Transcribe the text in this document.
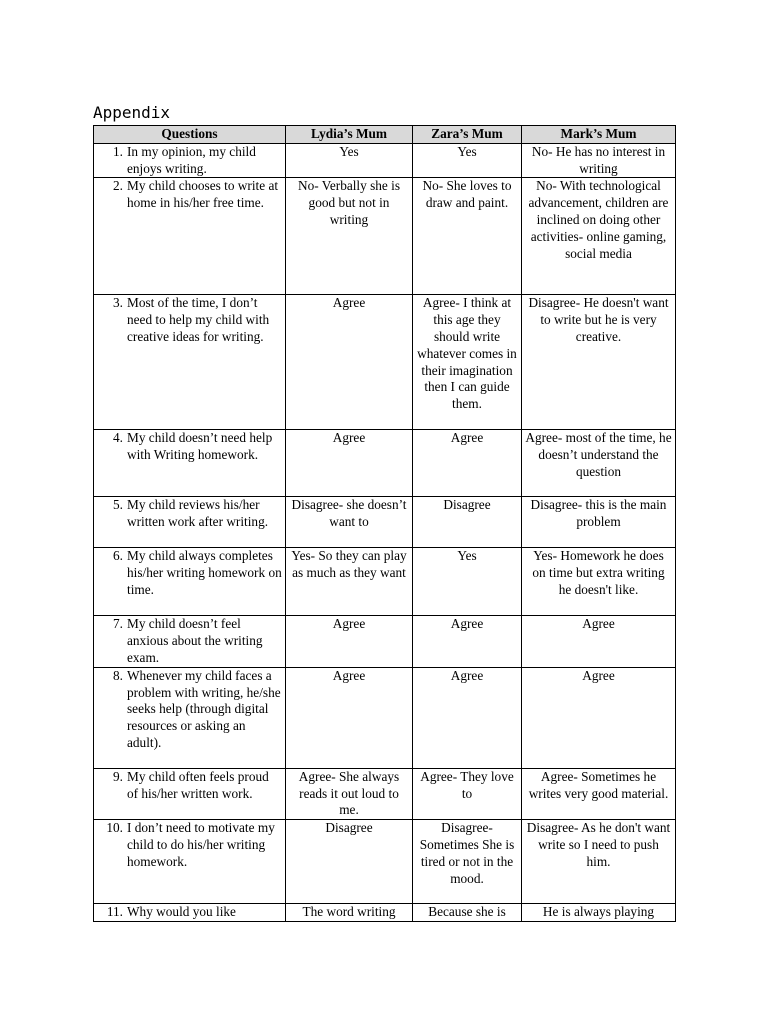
Appendix
Questions	Lydia’s Mum	Zara’s Mum	Mark’s Mum

1. In my opinion, my child enjoys writing.	Yes	Yes	No- He has no interest in writing

2. My child chooses to write at home in his/her free time.	No- Verbally she is good but not in writing	No- She loves to draw and paint.	No- With technological advancement, children are inclined on doing other activities- online gaming, social media

3. Most of the time, I don’t need to help my child with creative ideas for writing.	Agree	Agree- I think at this age they should write whatever comes in their imagination then I can guide them.	Disagree- He doesn't want to write but he is very creative.

4. My child doesn’t need help with Writing homework.	Agree	Agree	Agree- most of the time, he doesn’t understand the question

5. My child reviews his/her written work after writing.	Disagree- she doesn’t want to	Disagree	Disagree- this is the main problem

6. My child always completes his/her writing homework on time.	Yes- So they can play as much as they want	Yes	Yes- Homework he does on time but extra writing he doesn't like.

7. My child doesn’t feel anxious about the writing exam.	Agree	Agree	Agree

8. Whenever my child faces a problem with writing, he/she seeks help (through digital resources or asking an adult).	Agree	Agree	Agree

9. My child often feels proud of his/her written work.	Agree- She always reads it out loud to me.	Agree- They love to	Agree- Sometimes he writes very good material.

10. I don’t need to motivate my child to do his/her writing homework.	Disagree	Disagree- Sometimes She is tired or not in the mood.	Disagree- As he don't want write so I need to push him.

11. Why would you like	The word writing	Because she is	He is always playing
